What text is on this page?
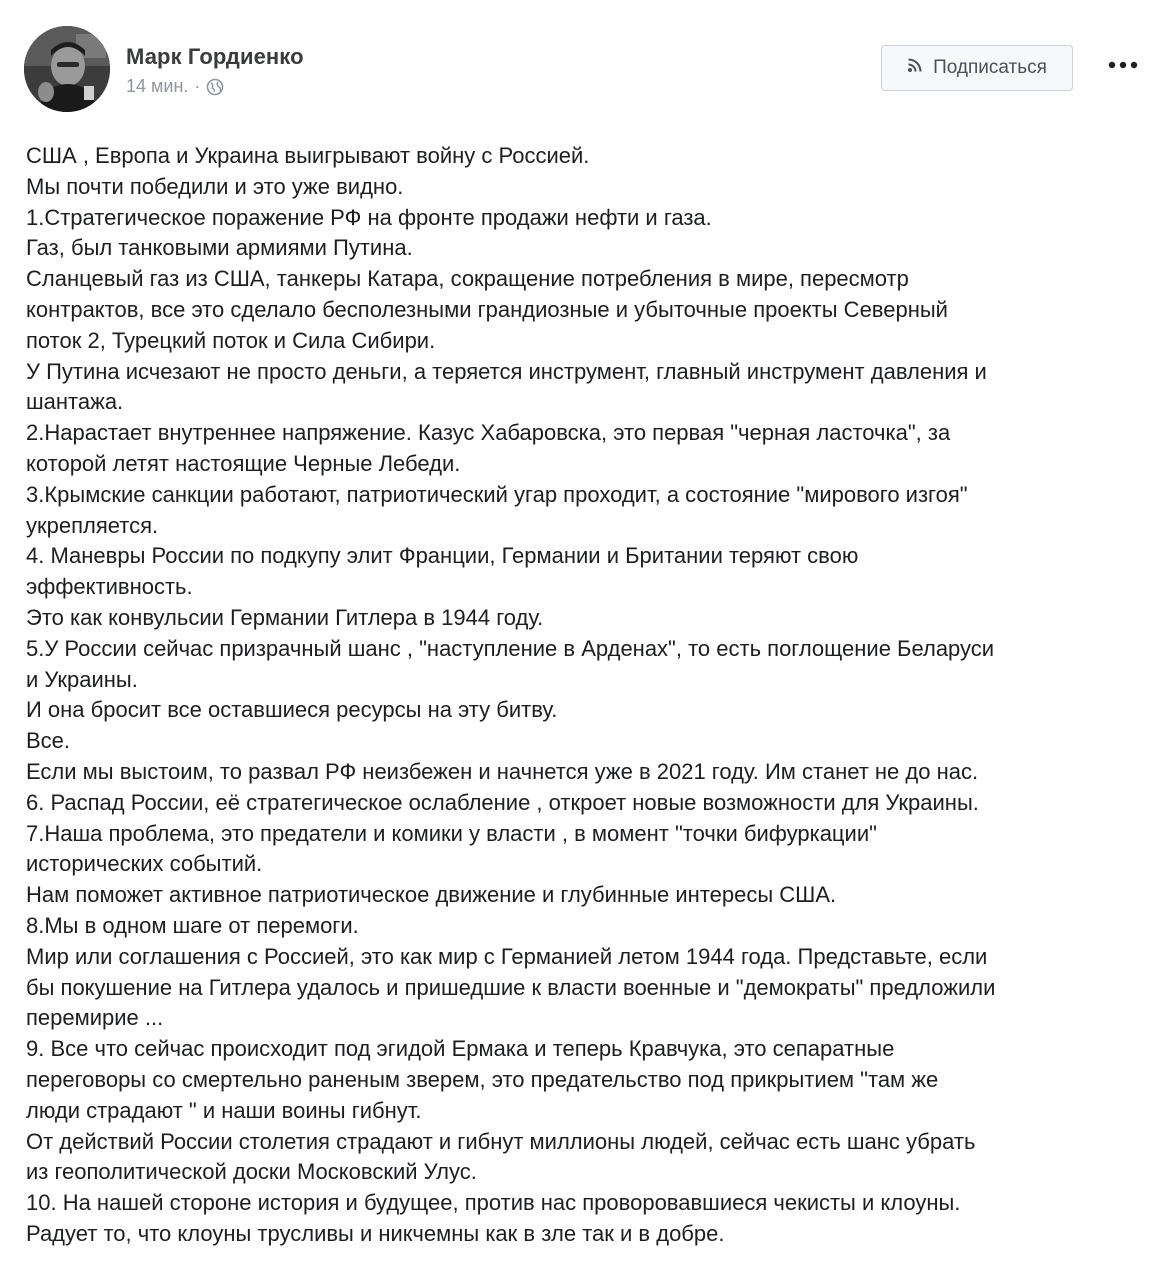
Марк Гордиенко
14 мин. ·
Подписаться
США , Европа и Украина выигрывают войну с Россией.
Мы почти победили и это уже видно.
1.Стратегическое поражение РФ на фронте продажи нефти и газа.
Газ, был танковыми армиями Путина.
Сланцевый газ из США, танкеры Катара, сокращение потребления в мире, пересмотр
контрактов, все это сделало бесполезными грандиозные и убыточные проекты Северный
поток 2, Турецкий поток и Сила Сибири.
У Путина исчезают не просто деньги, а теряется инструмент, главный инструмент давления и
шантажа.
2.Нарастает внутреннее напряжение. Казус Хабаровска, это первая "черная ласточка", за
которой летят настоящие Черные Лебеди.
3.Крымские санкции работают, патриотический угар проходит, а состояние "мирового изгоя"
укрепляется.
4. Маневры России по подкупу элит Франции, Германии и Британии теряют свою
эффективность.
Это как конвульсии Германии Гитлера в 1944 году.
5.У России сейчас призрачный шанс , "наступление в Арденах", то есть поглощение Беларуси
и Украины.
И она бросит все оставшиеся ресурсы на эту битву.
Все.
Если мы выстоим, то развал РФ неизбежен и начнется уже в 2021 году. Им станет не до нас.
6. Распад России, её стратегическое ослабление , откроет новые возможности для Украины.
7.Наша проблема, это предатели и комики у власти , в момент "точки бифуркации"
исторических событий.
Нам поможет активное патриотическое движение и глубинные интересы США.
8.Мы в одном шаге от перемоги.
Мир или соглашения с Россией, это как мир с Германией летом 1944 года. Представьте, если
бы покушение на Гитлера удалось и пришедшие к власти военные и "демократы" предложили
перемирие ...
9. Все что сейчас происходит под эгидой Ермака и теперь Кравчука, это сепаратные
переговоры со смертельно раненым зверем, это предательство под прикрытием "там же
люди страдают " и наши воины гибнут.
От действий России столетия страдают и гибнут миллионы людей, сейчас есть шанс убрать
из геополитической доски Московский Улус.
10. На нашей стороне история и будущее, против нас проворовавшиеся чекисты и клоуны.
Радует то, что клоуны трусливы и никчемны как в зле так и в добре.
